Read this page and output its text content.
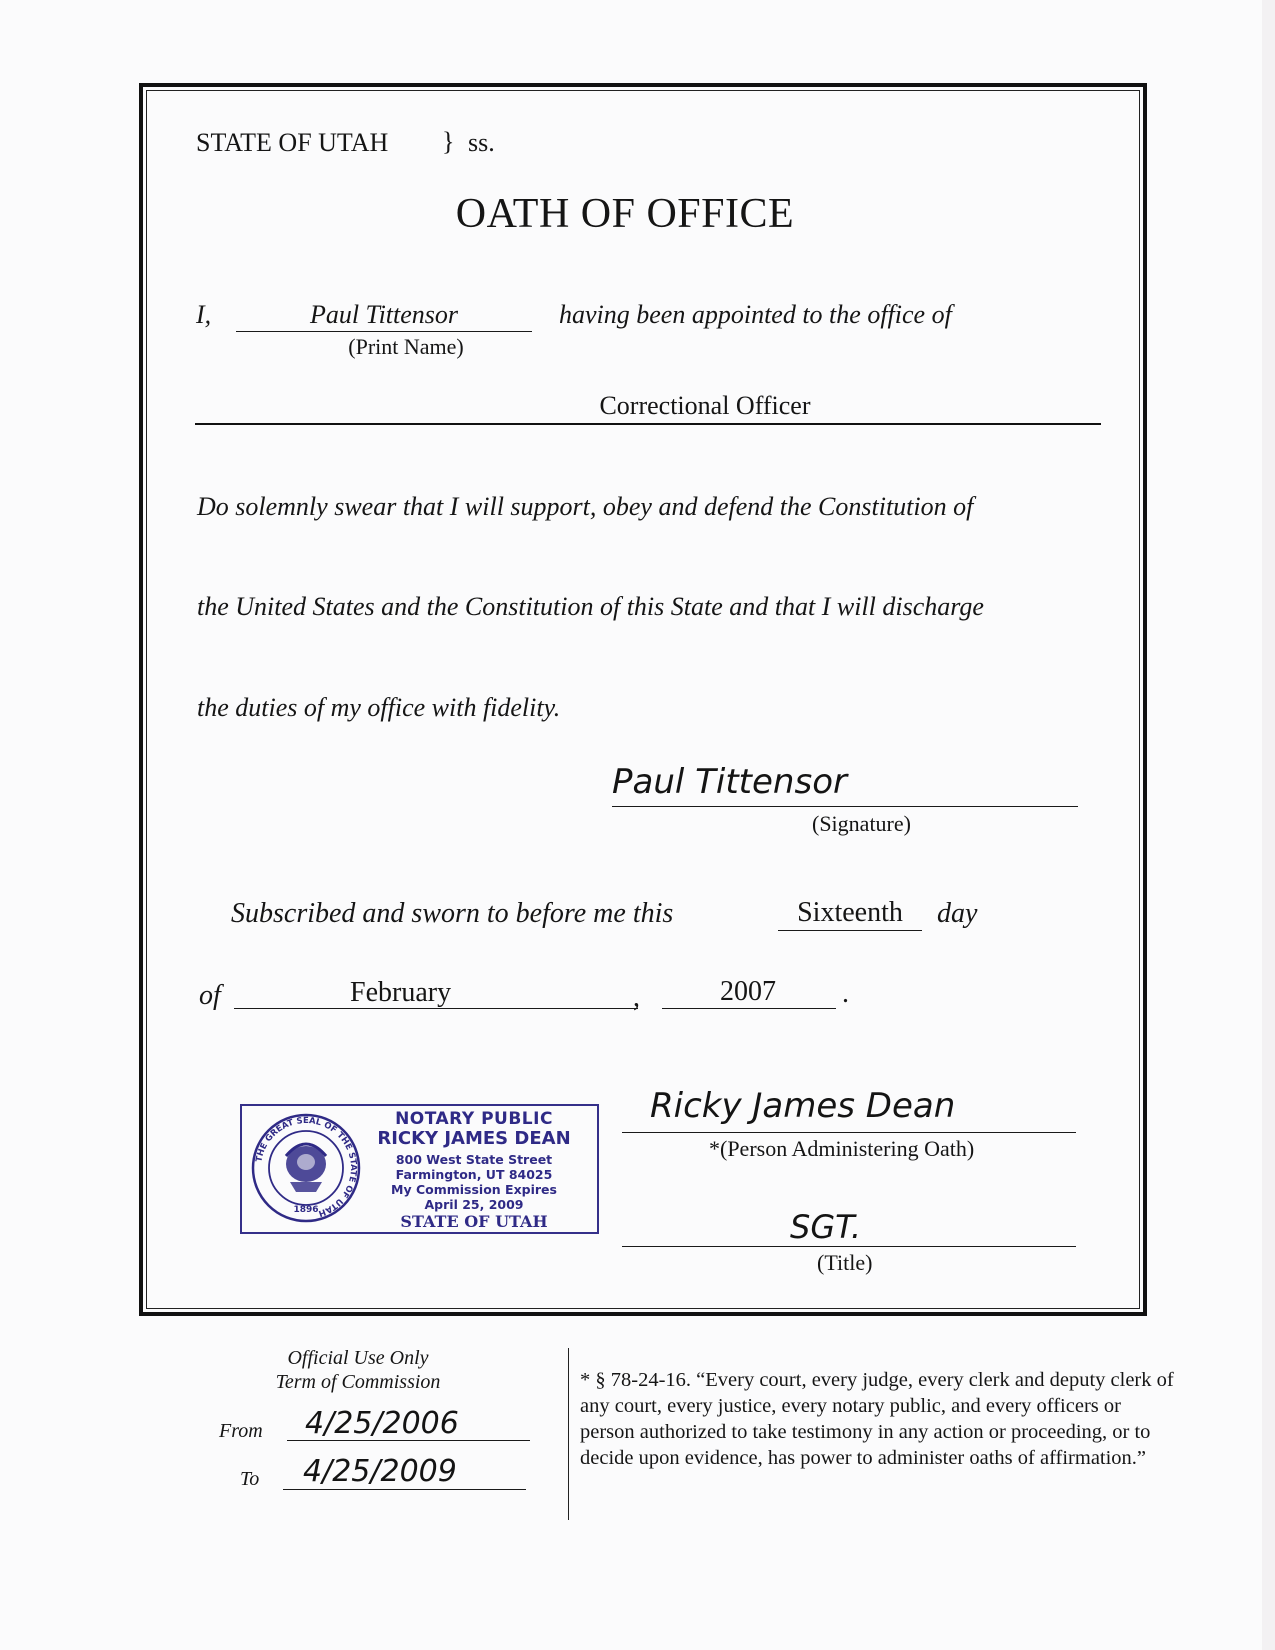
STATE OF UTAH } ss.
OATH OF OFFICE
I,	Paul Tittensor
(Print Name)
having been appointed to the office of
Correctional Officer
Do solemnly swear that I will support, obey and defend the Constitution of
the United States and the Constitution of this State and that I will discharge
the duties of my office with fidelity.
Paul Tittensor
(Signature)
Subscribed and sworn to before me this	Sixteenth	day
of	February	,	2007 .
THE GREAT SEAL OF THE STATE OF UTAH
1896
NOTARY PUBLIC
RICKY JAMES DEAN
800 West State Street
Farmington, UT 84025
My Commission Expires
April 25, 2009
STATE OF UTAH
Ricky James Dean
*(Person Administering Oath)
SGT.
(Title)
Official Use Only
Term of Commission
From 4/25/2006
To 4/25/2009
* § 78-24-16. “Every court, every judge, every clerk and deputy clerk of any court, every justice, every notary public, and every officers or person authorized to take testimony in any action or proceeding, or to decide upon evidence, has power to administer oaths of affirmation.”
